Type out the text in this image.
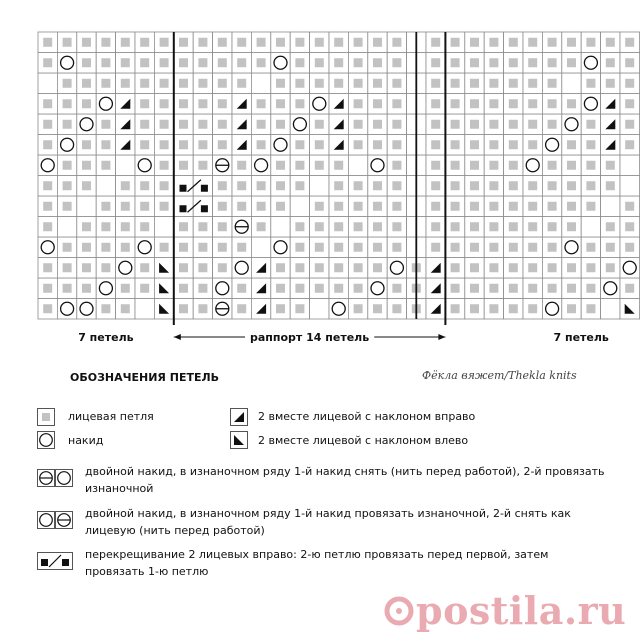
7 петель	раппорт 14 петель	7 петель
ОБОЗНАЧЕНИЯ ПЕТЕЛЬ	Фёкла вяжет/Thekla knits
лицевая петля
накид
2 вместе лицевой с наклоном вправо
2 вместе лицевой с наклоном влево
двойной накид, в изнаночном ряду 1-й накид снять (нить перед работой), 2-й провязать изнаночной
двойной накид, в изнаночном ряду 1-й накид провязать изнаночной, 2-й снять как лицевую (нить перед работой)
перекрещивание 2 лицевых вправо: 2-ю петлю провязать перед первой, затем провязать 1-ю петлю
postila.ru
